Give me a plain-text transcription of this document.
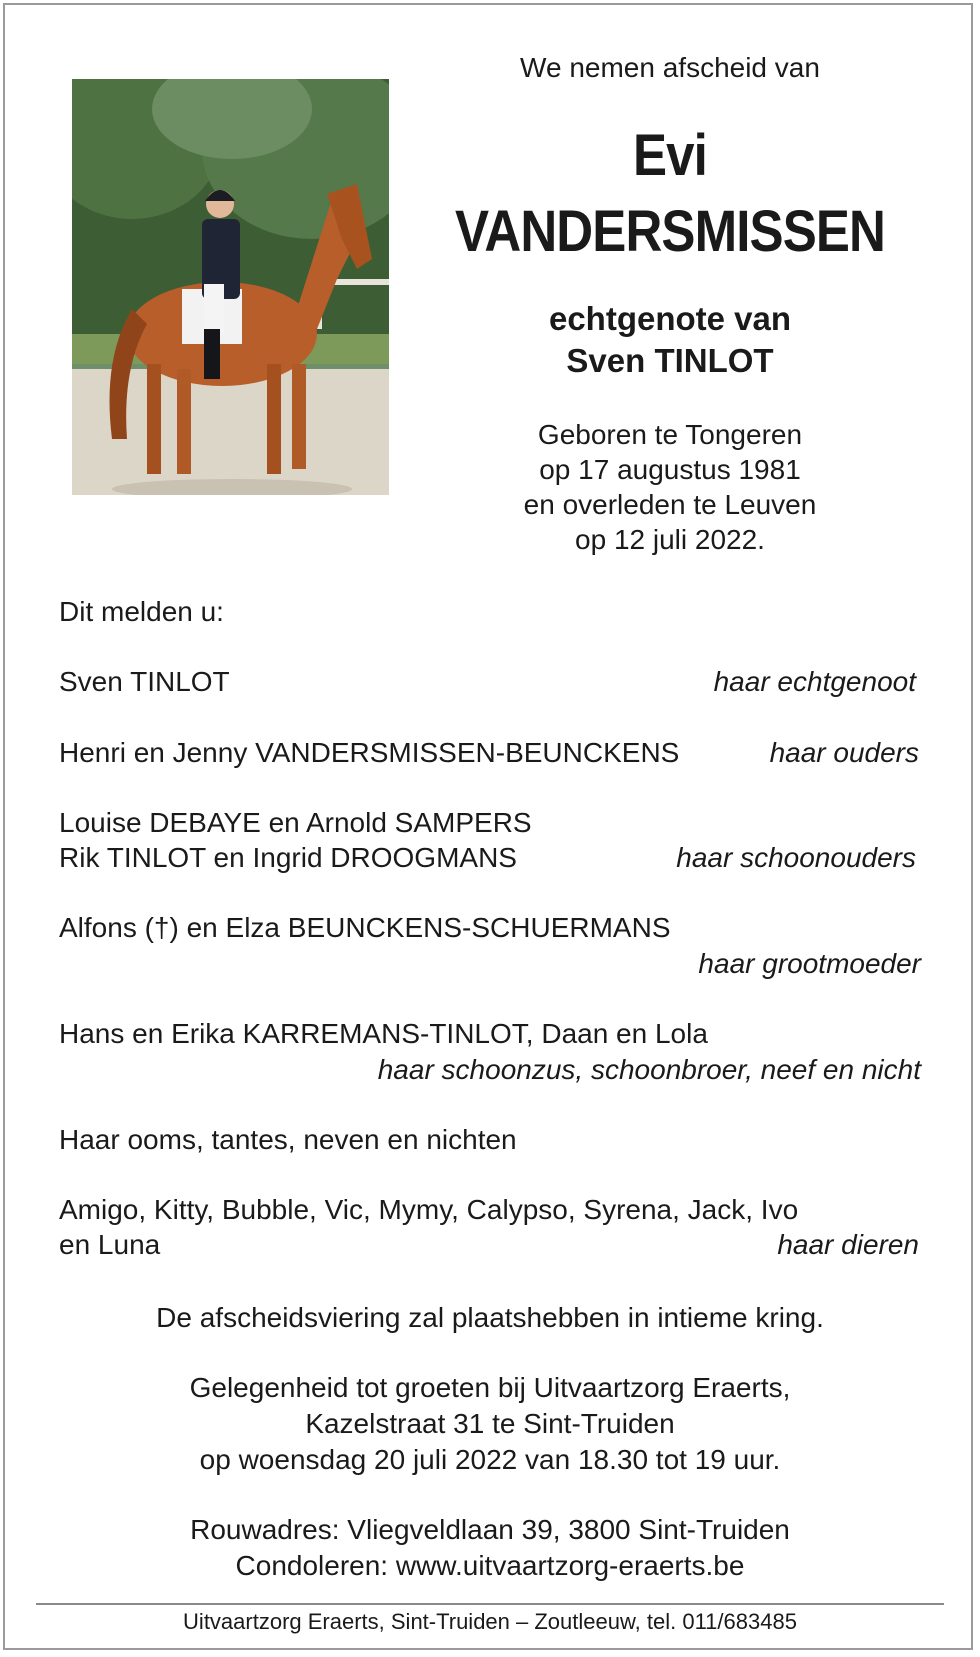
We nemen afscheid van
Evi
VANDERSMISSEN
echtgenote van
Sven TINLOT
Geboren te Tongeren
op 17 augustus 1981
en overleden te Leuven
op 12 juli 2022.
Dit melden u:
Sven TINLOT	haar echtgenoot
Henri en Jenny VANDERSMISSEN-BEUNCKENS	haar ouders
Louise DEBAYE en Arnold SAMPERS
Rik TINLOT en Ingrid DROOGMANS	haar schoonouders
Alfons (†) en Elza BEUNCKENS-SCHUERMANS
haar grootmoeder
Hans en Erika KARREMANS-TINLOT, Daan en Lola
haar schoonzus, schoonbroer, neef en nicht
Haar ooms, tantes, neven en nichten
Amigo, Kitty, Bubble, Vic, Mymy, Calypso, Syrena, Jack, Ivo
en Luna	haar dieren
De afscheidsviering zal plaatshebben in intieme kring.
Gelegenheid tot groeten bij Uitvaartzorg Eraerts,
Kazelstraat 31 te Sint-Truiden
op woensdag 20 juli 2022 van 18.30 tot 19 uur.
Rouwadres: Vliegveldlaan 39, 3800 Sint-Truiden
Condoleren: www.uitvaartzorg-eraerts.be
Uitvaartzorg Eraerts, Sint-Truiden – Zoutleeuw, tel. 011/683485
